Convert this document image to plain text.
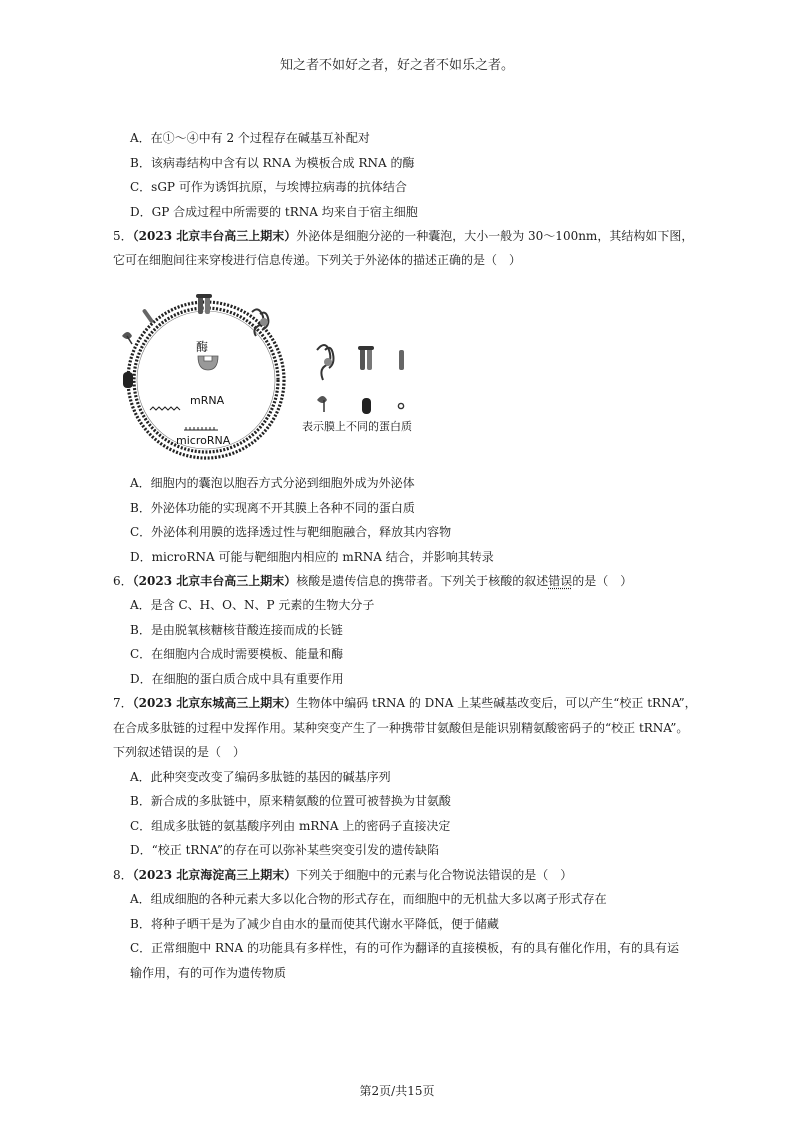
知之者不如好之者，好之者不如乐之者。
A．在①～④中有 2 个过程存在碱基互补配对
B．该病毒结构中含有以 RNA 为模板合成 RNA 的酶
C．sGP 可作为诱饵抗原，与埃博拉病毒的抗体结合
D．GP 合成过程中所需要的 tRNA 均来自于宿主细胞
5．（2023 北京丰台高三上期末）外泌体是细胞分泌的一种囊泡，大小一般为 30～100nm，其结构如下图，
它可在细胞间往来穿梭进行信息传递。下列关于外泌体的描述正确的是（　）
酶
mRNA
microRNA
表示膜上不同的蛋白质
A．细胞内的囊泡以胞吞方式分泌到细胞外成为外泌体
B．外泌体功能的实现离不开其膜上各种不同的蛋白质
C．外泌体利用膜的选择透过性与靶细胞融合，释放其内容物
D．microRNA 可能与靶细胞内相应的 mRNA 结合，并影响其转录
6．（2023 北京丰台高三上期末）核酸是遗传信息的携带者。下列关于核酸的叙述错误的是（　）
A．是含 C、H、O、N、P 元素的生物大分子
B．是由脱氧核糖核苷酸连接而成的长链
C．在细胞内合成时需要模板、能量和酶
D．在细胞的蛋白质合成中具有重要作用
7．（2023 北京东城高三上期末）生物体中编码 tRNA 的 DNA 上某些碱基改变后，可以产生“校正 tRNA”，
在合成多肽链的过程中发挥作用。某种突变产生了一种携带甘氨酸但是能识别精氨酸密码子的“校正 tRNA”。
下列叙述错误的是（　）
A．此种突变改变了编码多肽链的基因的碱基序列
B．新合成的多肽链中，原来精氨酸的位置可被替换为甘氨酸
C．组成多肽链的氨基酸序列由 mRNA 上的密码子直接决定
D．“校正 tRNA”的存在可以弥补某些突变引发的遗传缺陷
8．（2023 北京海淀高三上期末）下列关于细胞中的元素与化合物说法错误的是（　）
A．组成细胞的各种元素大多以化合物的形式存在，而细胞中的无机盐大多以离子形式存在
B．将种子晒干是为了减少自由水的量而使其代谢水平降低，便于储藏
C．正常细胞中 RNA 的功能具有多样性，有的可作为翻译的直接模板，有的具有催化作用，有的具有运
输作用，有的可作为遗传物质
第2页/共15页
